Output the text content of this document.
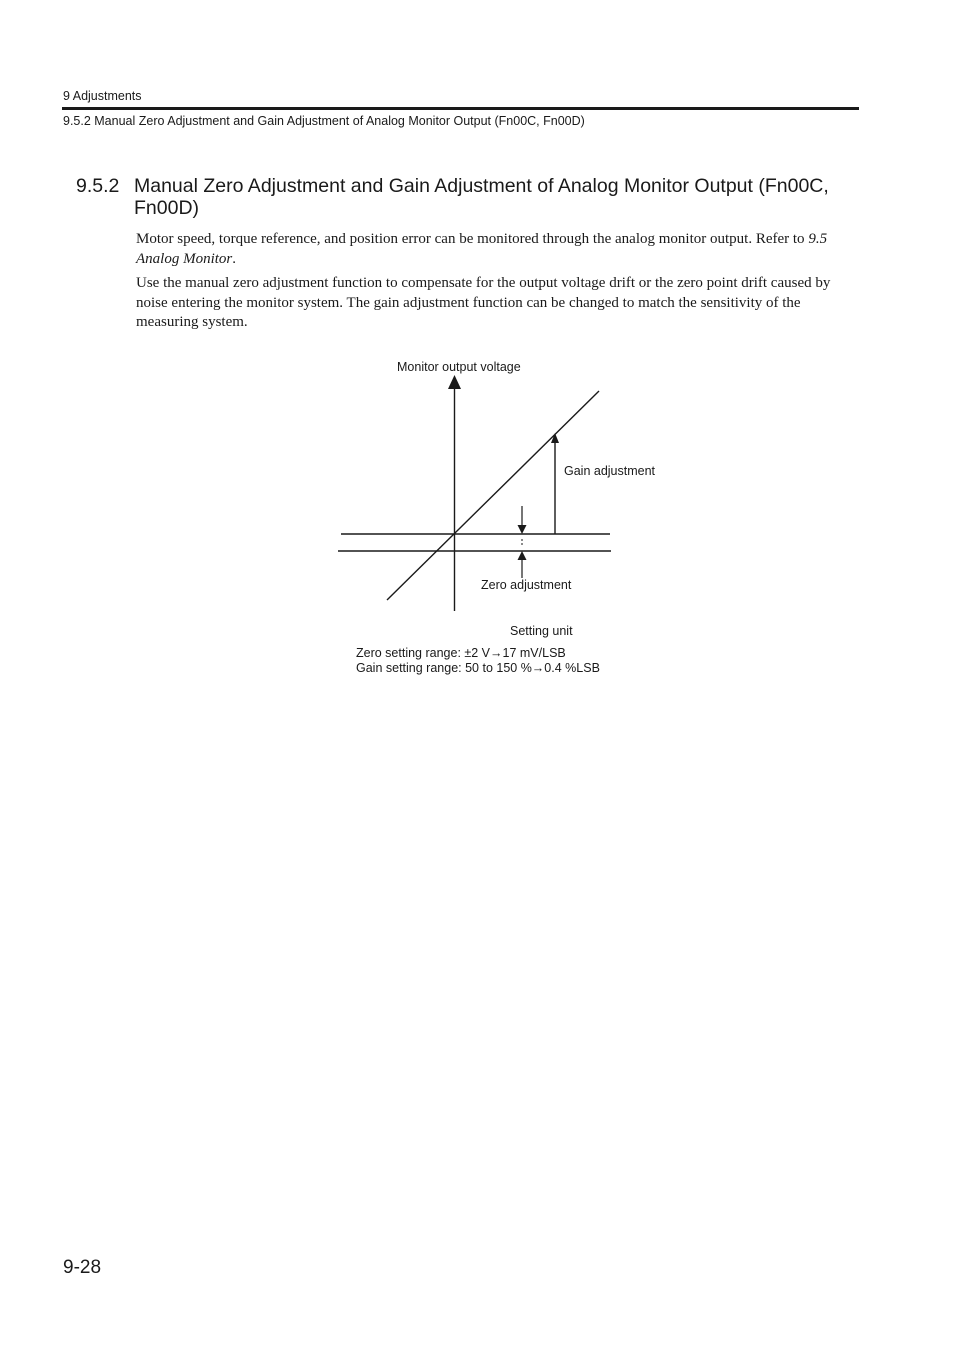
9 Adjustments
9.5.2 Manual Zero Adjustment and Gain Adjustment of Analog Monitor Output (Fn00C, Fn00D)
9.5.2 Manual Zero Adjustment and Gain Adjustment of Analog Monitor Output (Fn00C, Fn00D)

Motor speed, torque reference, and position error can be monitored through the analog monitor output. Refer to 9.5 Analog Monitor.

Use the manual zero adjustment function to compensate for the output voltage drift or the zero point drift caused by noise entering the monitor system. The gain adjustment function can be changed to match the sensitivity of the measuring system.

Monitor output voltage
Gain adjustment
Zero adjustment
Setting unit
Zero setting range: ±2 V→17 mV/LSB
Gain setting range: 50 to 150 %→0.4 %LSB
9-28
